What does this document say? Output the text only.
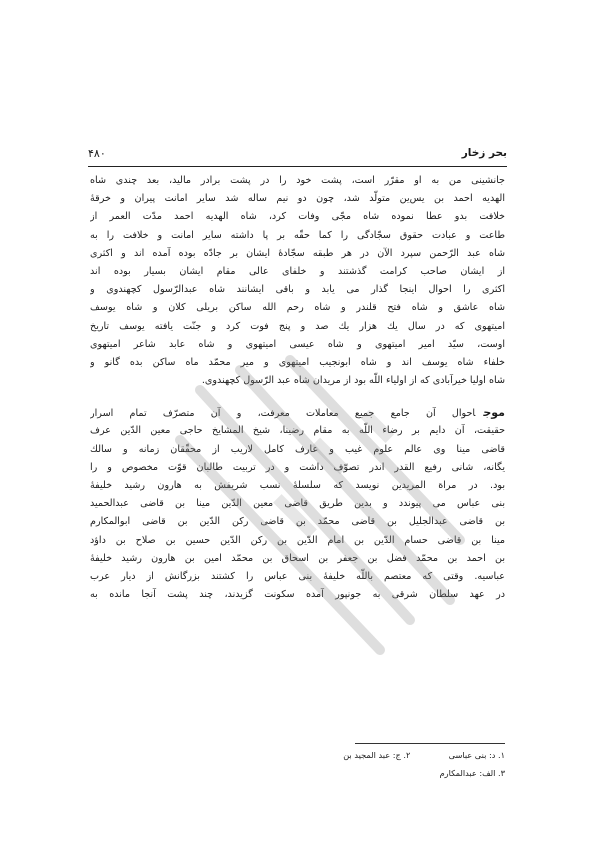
بحر زخار
۴۸۰
جانشینی من به او مقرّر است، پشت خود را در پشت برادر مالید، بعد چندی شاه
الهدیه احمد بن یس‌ین متولّد شد، چون دو نیم ساله شد سایر امانت پیران و خرقهٔ
خلافت بدو عطا نموده شاه مجّی وفات کرد، شاه الهدیه احمد مدّت العمر از
طاعت و عبادت حقوق سجّادگی را کما حقّه بر پا داشته سایر امانت و خلافت را به
شاه عبد الرّحمن سپرد الآن در هر طبقه سجّادهٔ ایشان بر جادّه بوده آمده اند و اکثری
از ایشان صاحب کرامت گذشتند و خلفای عالی مقام ایشان بسیار بوده اند
اکثری را احوال اینجا گذار می یابد و باقی ایشانند شاه عبدالرّسول کچهندوی و
شاه عاشق و شاه فتح قلندر و شاه رحم الله ساکن بریلی کلان و شاه یوسف
امیتهوی که در سال یك هزار یك صد و پنج فوت کرد و جنّت یافته یوسف تاریخ
اوست، سیّد امیر امیتهوی و شاه عیسی امیتهوی و شاه عابد شاعر امیتهوی
خلفاء شاه یوسف اند و شاه ابونجیب امیتهوی و میر محمّد ماه ساکن بده گانو و
شاه اولیا خیرآبادی که از اولیاء اللّه بود از مریدان شاه عبد الرّسول کچهندوی.
موجاحوال آن جامع جمیع معاملات معرفت، و آن متصرّف تمام اسرار
حقیقت، آن دایم بر رضاء اللّه به مقام رضینا، شیخ المشایخ حاجی معین الدّین عرف
قاضی مینا وی عالم علوم غیب و عارف کامل لاریب از محقّقان زمانه و سالك
یگانه، شانی رفیع القدر اندر تصوّف داشت و در تربیت طالبان قوّت مخصوص و را
بود. در مراة المریدین نویسد که سلسلهٔ نسب شریفش به هارون رشید خلیفهٔ
بنی عباس می پیوندد و بدین طریق قاضی معین الدّین مینا بن قاضی عبدالحمید
بن قاضی عبدالجلیل بن قاضی محمّد بن قاضی رکن الدّین بن قاضی ابوالمکارم
مینا بن قاضی حسام الدّین بن امام الدّین بن رکن الدّین حسین بن صلاح بن داؤد
بن احمد بن محمّد فضل بن جعفر بن اسحاق بن محمّد امین بن هارون رشید خلیفهٔ
عباسیه. وقتی که معتصم باللّه خلیفهٔ بنی عباس را کشتند بزرگانش از دیار عرب
در عهد سلطان شرقی به جونپور آمده سکونت گزیدند، چند پشت آنجا مانده به
۱. د: بنی عباسی ۲. ج: عبد المجید بن
۳. الف: عبدالمکارم
